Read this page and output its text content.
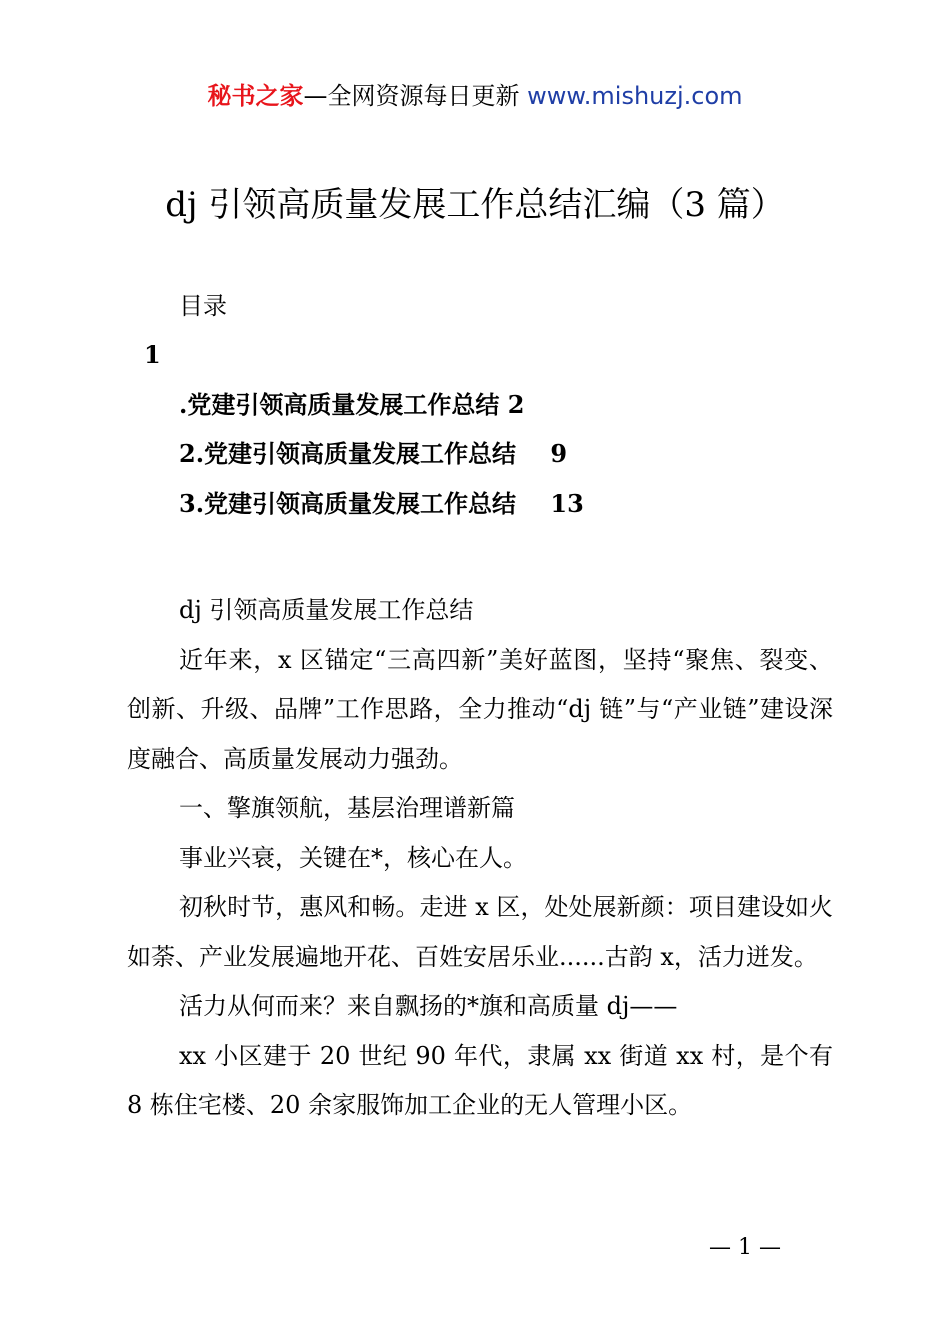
秘书之家—全网资源每日更新 www.mishuzj.com
dj 引领高质量发展工作总结汇编（3 篇）
目录
1
.党建引领高质量发展工作总结 2
2.党建引领高质量发展工作总结 9
3.党建引领高质量发展工作总结 13

dj 引领高质量发展工作总结

近年来，x 区锚定“三高四新”美好蓝图，坚持“聚焦、裂变、创新、升级、品牌”工作思路，全力推动“dj 链”与“产业链”建设深度融合、高质量发展动力强劲。

一、擎旗领航，基层治理谱新篇

事业兴衰，关键在*，核心在人。

初秋时节，惠风和畅。走进 x 区，处处展新颜：项目建设如火如荼、产业发展遍地开花、百姓安居乐业......古韵 x，活力迸发。

活力从何而来？来自飘扬的*旗和高质量 dj——

xx 小区建于 20 世纪 90 年代，隶属 xx 街道 xx 村，是个有 8 栋住宅楼、20 余家服饰加工企业的无人管理小区。

— 1 —
